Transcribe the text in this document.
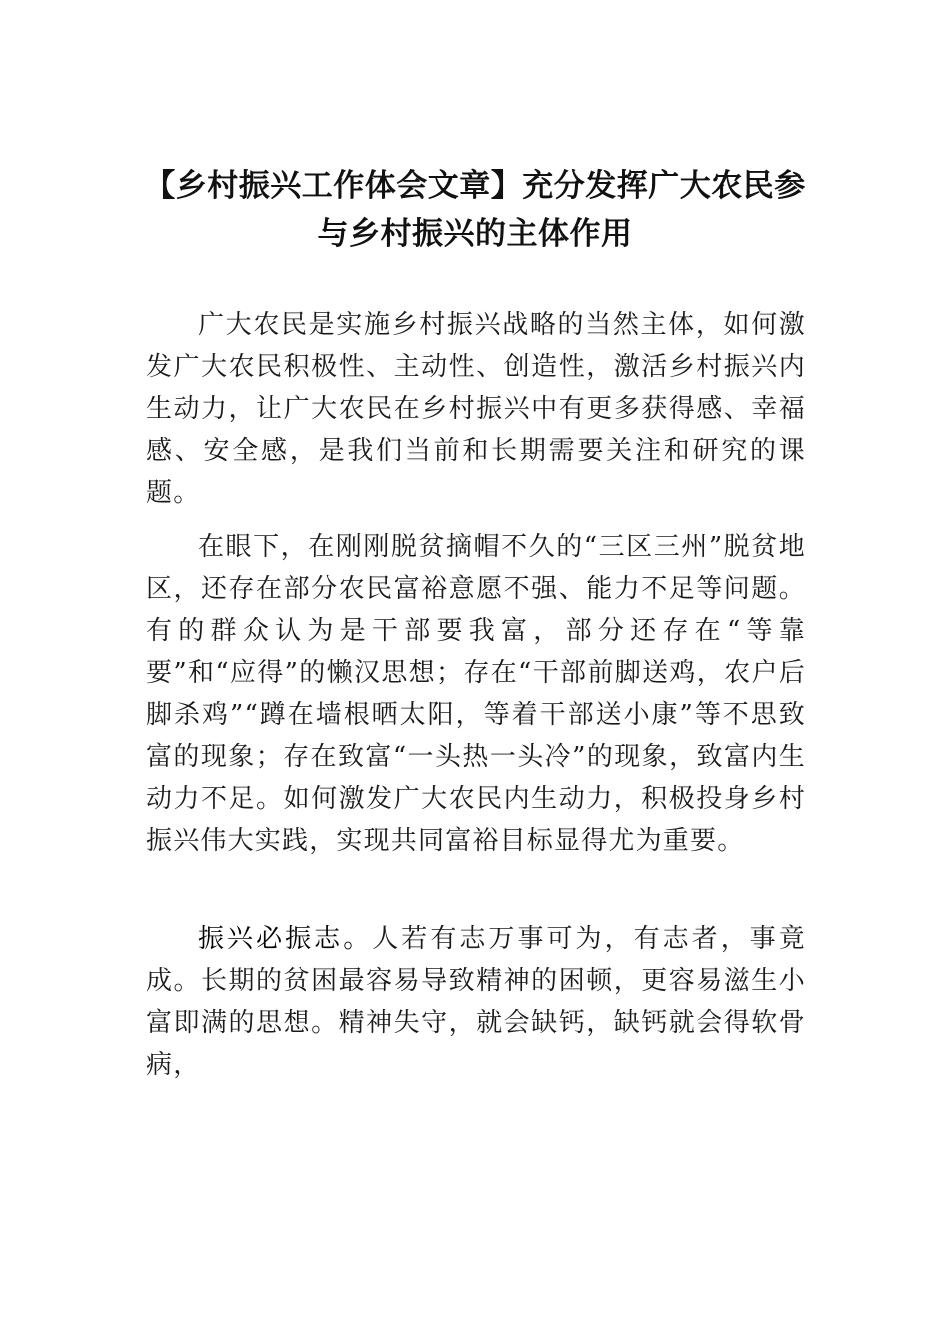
【乡村振兴工作体会文章】充分发挥广大农民参与乡村振兴的主体作用

广大农民是实施乡村振兴战略的当然主体，如何激发广大农民积极性、主动性、创造性，激活乡村振兴内生动力，让广大农民在乡村振兴中有更多获得感、幸福感、安全感，是我们当前和长期需要关注和研究的课题。

在眼下，在刚刚脱贫摘帽不久的“三区三州”脱贫地区，还存在部分农民富裕意愿不强、能力不足等问题。有的群众认为是干部要我富，部分还存在“等靠要”和“应得”的懒汉思想；存在“干部前脚送鸡，农户后脚杀鸡”“蹲在墙根晒太阳，等着干部送小康”等不思致富的现象；存在致富“一头热一头冷”的现象，致富内生动力不足。如何激发广大农民内生动力，积极投身乡村振兴伟大实践，实现共同富裕目标显得尤为重要。

振兴必振志。人若有志万事可为，有志者，事竟成。长期的贫困最容易导致精神的困顿，更容易滋生小富即满的思想。精神失守，就会缺钙，缺钙就会得软骨病，
